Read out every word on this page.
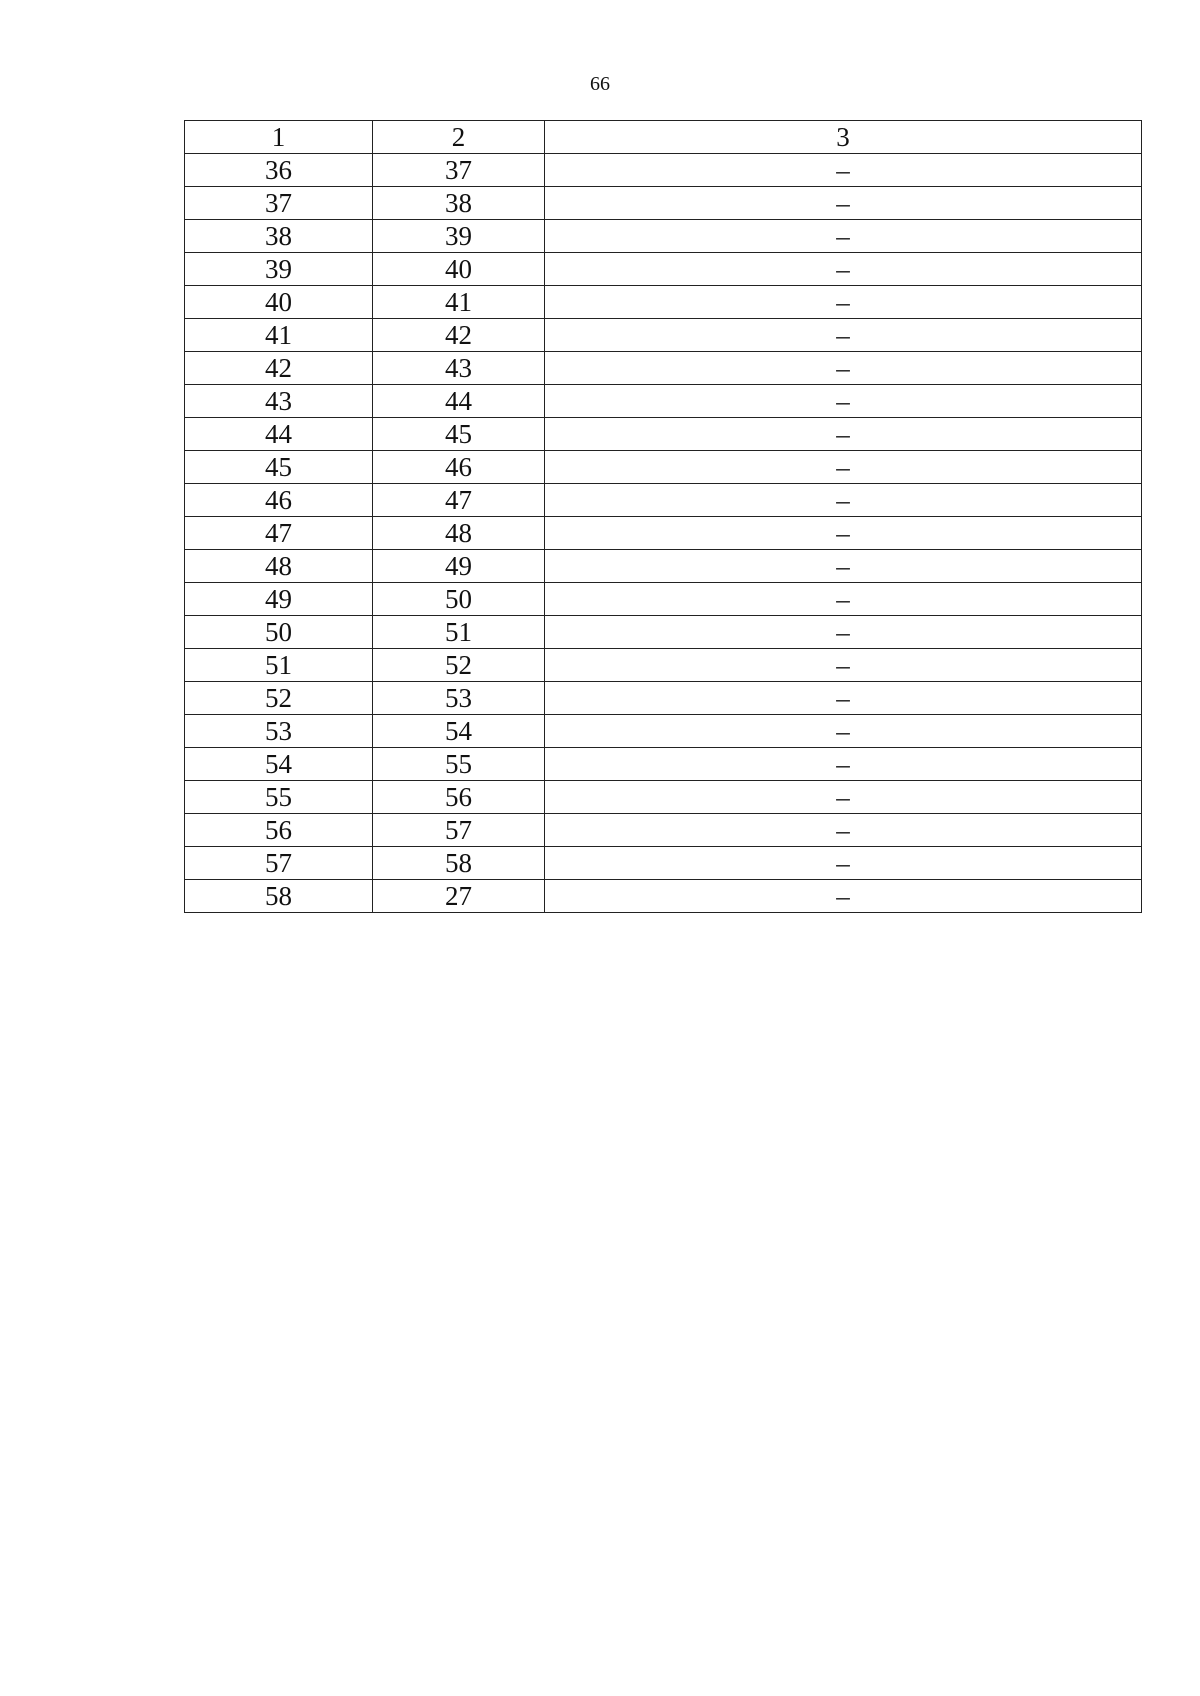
66
1	2	3
36	37	–
37	38	–
38	39	–
39	40	–
40	41	–
41	42	–
42	43	–
43	44	–
44	45	–
45	46	–
46	47	–
47	48	–
48	49	–
49	50	–
50	51	–
51	52	–
52	53	–
53	54	–
54	55	–
55	56	–
56	57	–
57	58	–
58	27	–
